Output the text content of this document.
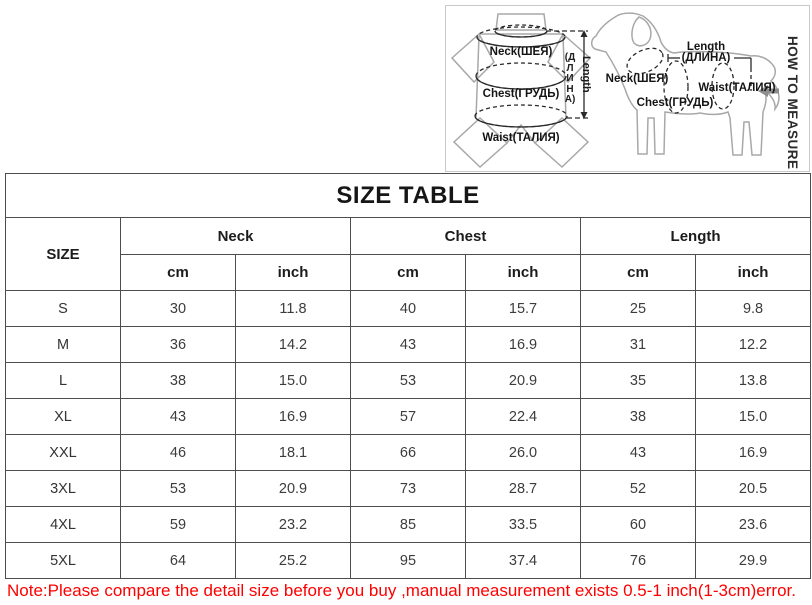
Neck(ШЕЯ)
Chest(ГРУДЬ)
Waist(ТАЛИЯ)
(ДЛИНА)
Length	Neck(ШЕЯ)
Chest(ГРУДЬ)
Waist(ТАЛИЯ)
Length
(ДЛИНА)	HOW TO MEASURE
SIZE TABLE						
SIZE	Neck		Chest		Length	
	cm	inch	cm	inch	cm	inch
S	30	11.8	40	15.7	25	9.8
M	36	14.2	43	16.9	31	12.2
L	38	15.0	53	20.9	35	13.8
XL	43	16.9	57	22.4	38	15.0
XXL	46	18.1	66	26.0	43	16.9
3XL	53	20.9	73	28.7	52	20.5
4XL	59	23.2	85	33.5	60	23.6
5XL	64	25.2	95	37.4	76	29.9
Note:Please compare the detail size before you buy ,manual measurement exists 0.5-1 inch(1-3cm)error.
